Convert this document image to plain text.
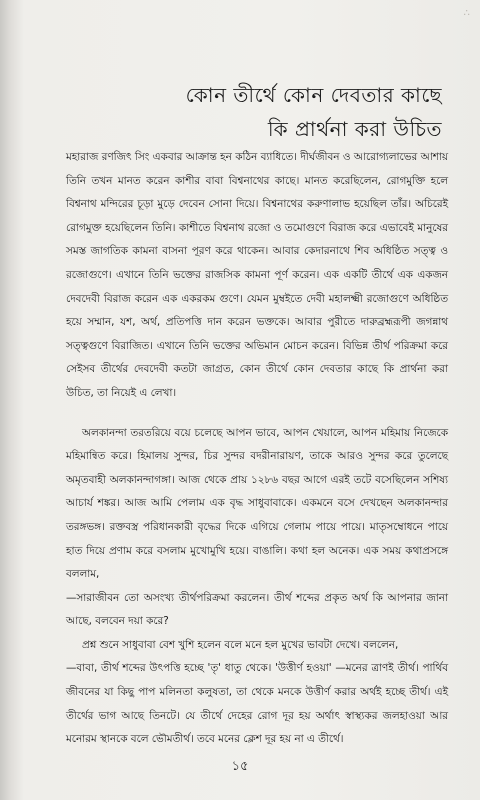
∴
কোন তীর্থে কোন দেবতার কাছে
কি প্রার্থনা করা উচিত

মহারাজ রণজিৎ সিং একবার আক্রান্ত হন কঠিন ব্যাধিতে। দীর্ঘজীবন ও আরোগ্যলাভের আশায় তিনি তখন মানত করেন কাশীর বাবা বিশ্বনাথের কাছে। মানত করেছিলেন, রোগমুক্তি হলে বিশ্বনাথ মন্দিরের চূড়া মুড়ে দেবেন সোনা দিয়ে। বিশ্বনাথের করুণালাভ হয়েছিল তাঁর। অচিরেই রোগমুক্ত হয়েছিলেন তিনি। কাশীতে বিশ্বনাথ রজো ও তমোগুণে বিরাজ করে এভাবেই মানুষের সমস্ত জাগতিক কামনা বাসনা পূরণ করে থাকেন। আবার কেদারনাথে শিব অধিষ্ঠিত সত্ত্ব ও রজোগুণে। এখানে তিনি ভক্তের রাজসিক কামনা পূর্ণ করেন। এক একটি তীর্থে এক একজন দেবদেবী বিরাজ করেন এক একরকম গুণে। যেমন মুম্বইতে দেবী মহালক্ষ্মী রজোগুণে অধিষ্ঠিত হয়ে সম্মান, যশ, অর্থ, প্রতিপত্তি দান করেন ভক্তকে। আবার পুরীতে দারুব্রহ্মরূপী জগন্নাথ সত্ত্বগুণে বিরাজিত। এখানে তিনি ভক্তের অভিমান মোচন করেন। বিভিন্ন তীর্থ পরিক্রমা করে সেইসব তীর্থের দেবদেবী কতটা জাগ্রত, কোন তীর্থে কোন দেবতার কাছে কি প্রার্থনা করা উচিত, তা নিয়েই এ লেখা।

অলকানন্দা তরতরিয়ে বয়ে চলেছে আপন ভাবে, আপন খেয়ালে, আপন মহিমায় নিজেকে মহিমান্বিত করে। হিমালয় সুন্দর, চির সুন্দর বদরীনারায়ণ, তাকে আরও সুন্দর করে তুলেছে অমৃতবাহী অলকানন্দাগঙ্গা। আজ থেকে প্রায় ১২৮৬ বছর আগে এরই তটে বসেছিলেন সশিষ্য আচার্য শঙ্কর। আজ আমি পেলাম এক বৃদ্ধ সাধুবাবাকে। একমনে বসে দেখছেন অলকানন্দার তরঙ্গভঙ্গ। রক্তবস্ত্র পরিধানকারী বৃদ্ধের দিকে এগিয়ে গেলাম পায়ে পায়ে। মাতৃসম্বোধনে পায়ে হাত দিয়ে প্রণাম করে বসলাম মুখোমুখি হয়ে। বাঙালি। কথা হল অনেক। এক সময় কথাপ্রসঙ্গে বললাম,

—সারাজীবন তো অসংখ্য তীর্থপরিক্রমা করলেন। তীর্থ শব্দের প্রকৃত অর্থ কি আপনার জানা আছে, বলবেন দয়া করে?

প্রশ্ন শুনে সাধুবাবা বেশ খুশি হলেন বলে মনে হল মুখের ভাবটা দেখে। বললেন,

—বাবা, তীর্থ শব্দের উৎপত্তি হচ্ছে 'তৃ' ধাতু থেকে। 'উত্তীর্ণ হওয়া' —মনের ত্রাণই তীর্থ। পার্থিব জীবনের যা কিছু পাপ মলিনতা কলুষতা, তা থেকে মনকে উত্তীর্ণ করার অর্থই হচ্ছে তীর্থ। এই তীর্থের ভাগ আছে তিনটে। যে তীর্থে দেহের রোগ দূর হয় অর্থাৎ স্বাস্থ্যকর জলহাওয়া আর মনোরম স্থানকে বলে ভৌমতীর্থ। তবে মনের ক্লেশ দূর হয় না এ তীর্থে।

১৫
